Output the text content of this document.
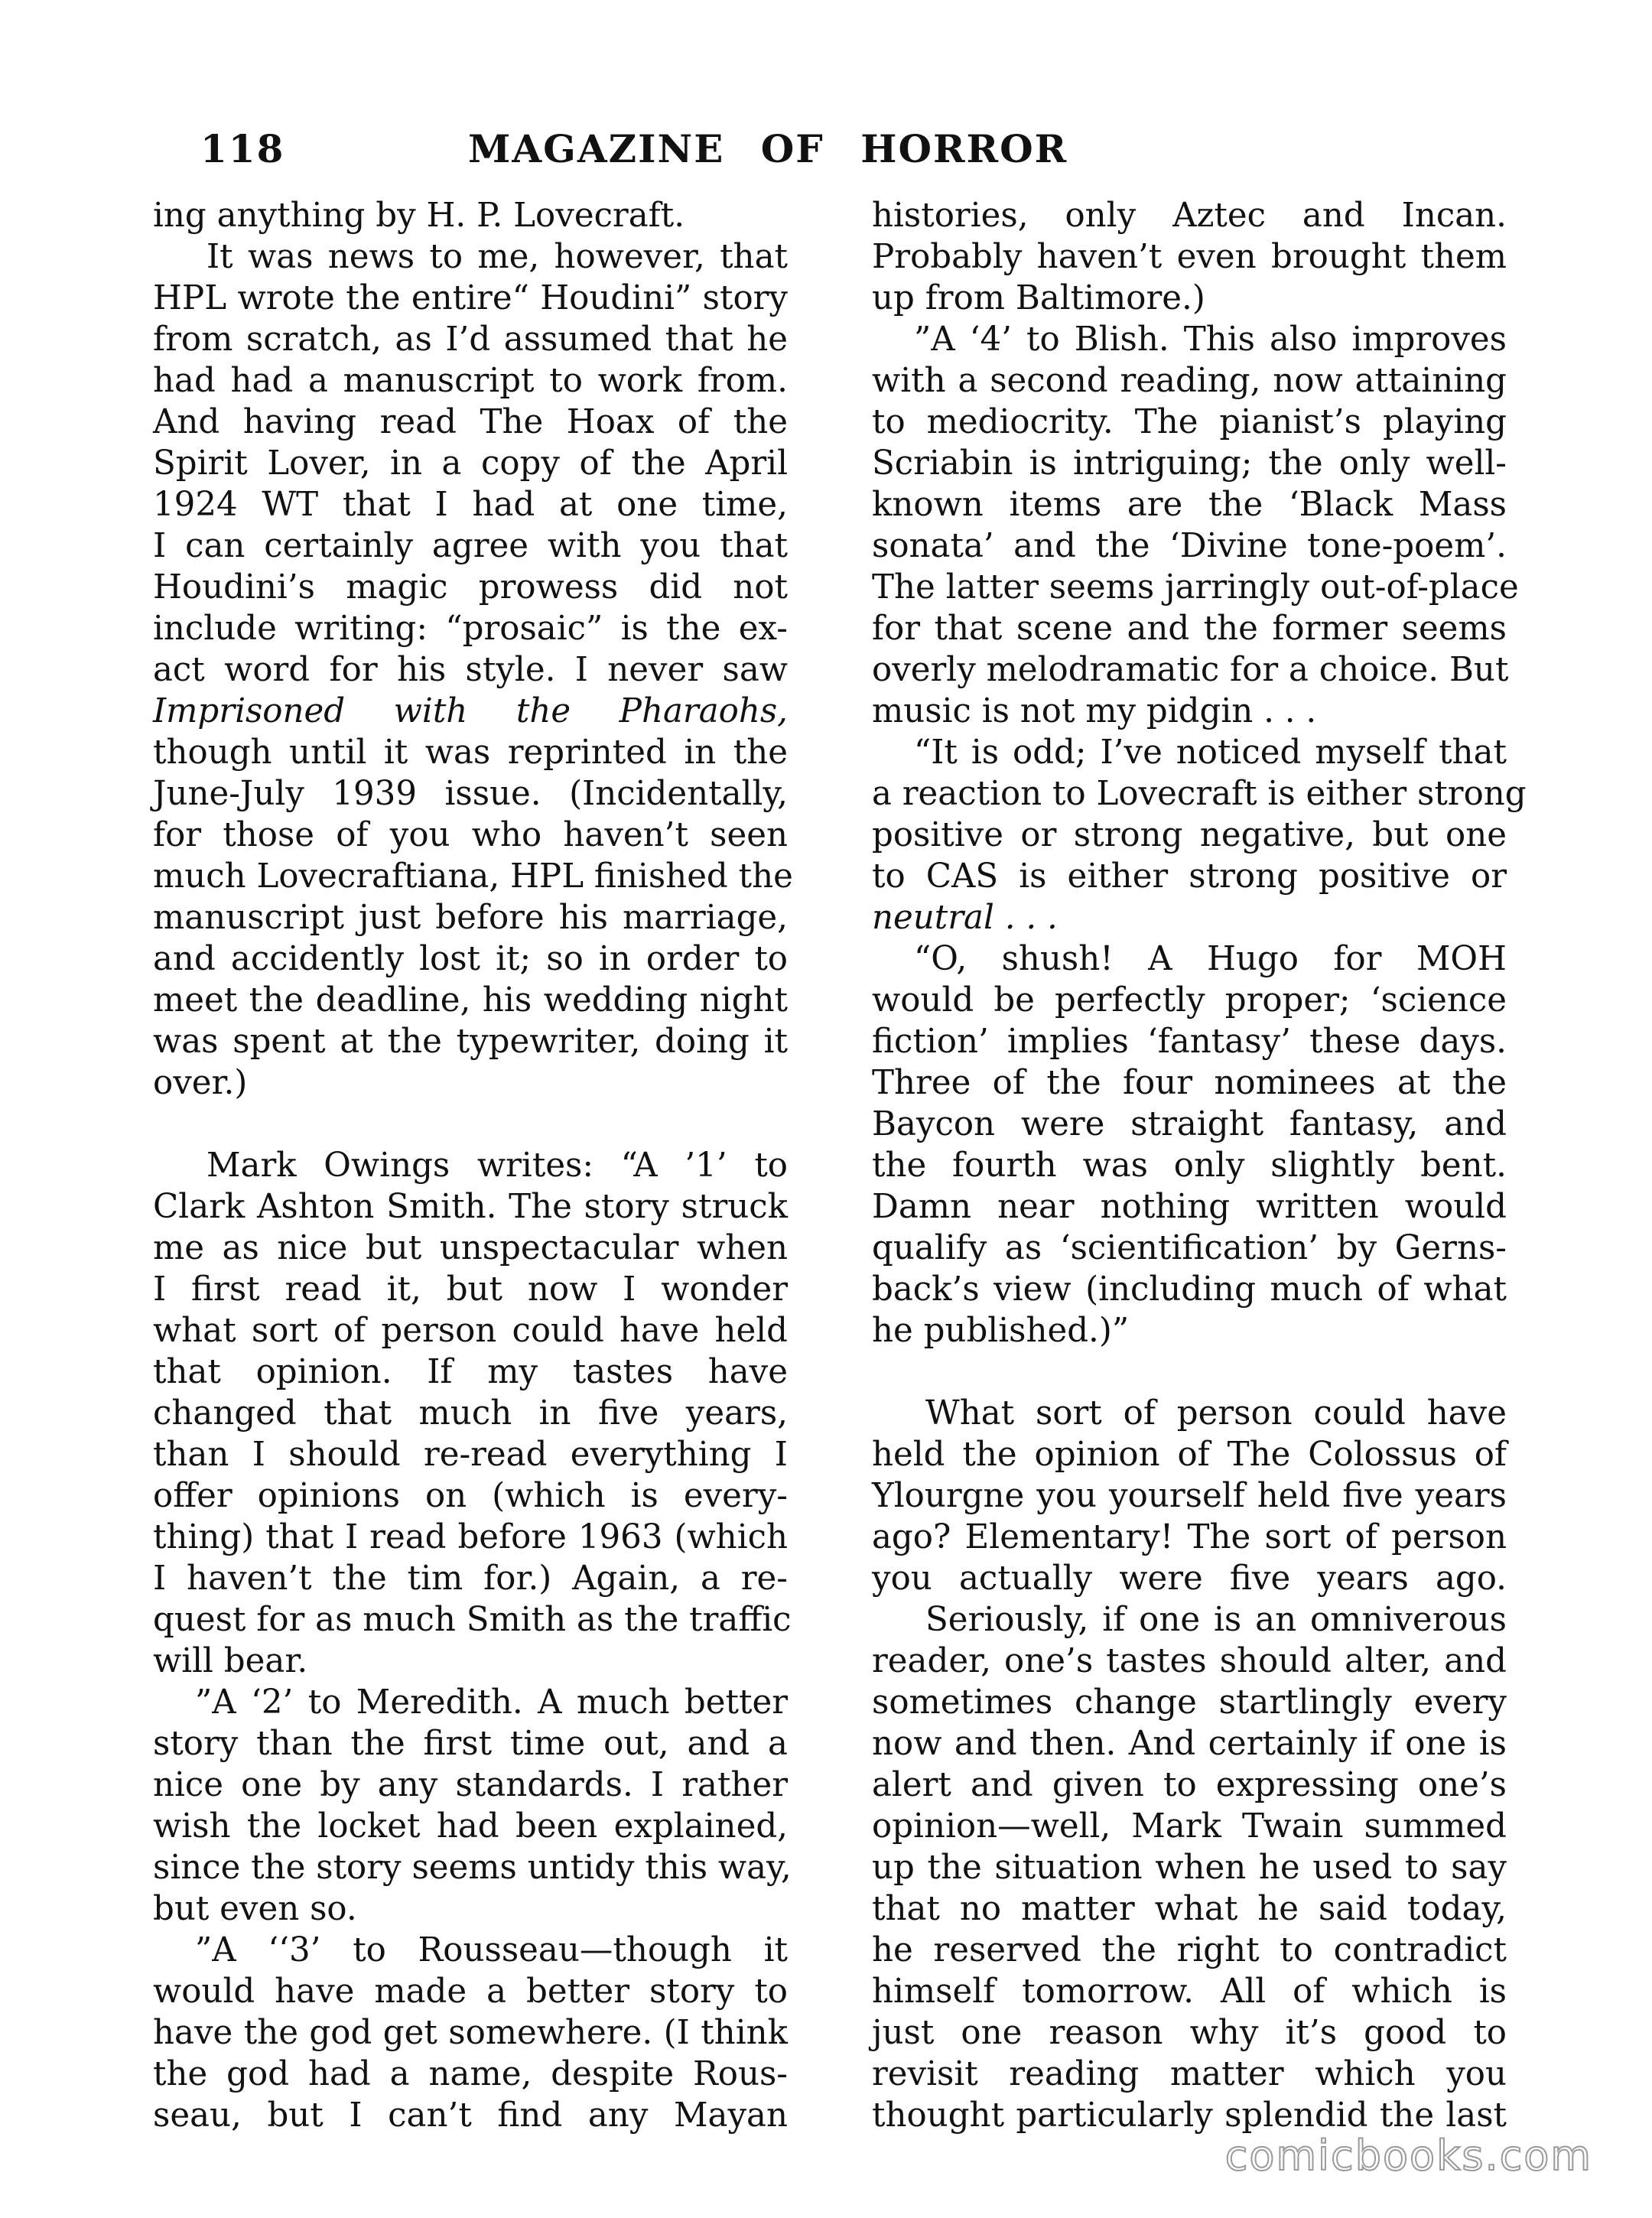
118	MAGAZINE OF HORROR
ing anything by H. P. Lovecraft.
It was news to me, however, that
HPL wrote the entire“ Houdini” story
from scratch, as I’d assumed that he
had had a manuscript to work from.
And having read The Hoax of the
Spirit Lover, in a copy of the April
1924 WT that I had at one time,
I can certainly agree with you that
Houdini’s magic prowess did not
include writing: “prosaic” is the ex-
act word for his style. I never saw
Imprisoned with the Pharaohs,
though until it was reprinted in the
June-July 1939 issue. (Incidentally,
for those of you who haven’t seen
much Lovecraftiana, HPL finished the
manuscript just before his marriage,
and accidently lost it; so in order to
meet the deadline, his wedding night
was spent at the typewriter, doing it
over.)
Mark Owings writes: “A ’1’ to
Clark Ashton Smith. The story struck
me as nice but unspectacular when
I first read it, but now I wonder
what sort of person could have held
that opinion. If my tastes have
changed that much in five years,
than I should re-read everything I
offer opinions on (which is every-
thing) that I read before 1963 (which
I haven’t the tim for.) Again, a re-
quest for as much Smith as the traffic
will bear.
”A ‘2’ to Meredith. A much better
story than the first time out, and a
nice one by any standards. I rather
wish the locket had been explained,
since the story seems untidy this way,
but even so.
”A ‘‘3’ to Rousseau—though it
would have made a better story to
have the god get somewhere. (I think
the god had a name, despite Rous-
seau, but I can’t find any Mayan
histories, only Aztec and Incan.
Probably haven’t even brought them
up from Baltimore.)
”A ‘4’ to Blish. This also improves
with a second reading, now attaining
to mediocrity. The pianist’s playing
Scriabin is intriguing; the only well-
known items are the ‘Black Mass
sonata’ and the ‘Divine tone-poem’.
The latter seems jarringly out-of-place
for that scene and the former seems
overly melodramatic for a choice. But
music is not my pidgin . . .
“It is odd; I’ve noticed myself that
a reaction to Lovecraft is either strong
positive or strong negative, but one
to CAS is either strong positive or
neutral . . .
“O, shush! A Hugo for MOH
would be perfectly proper; ‘science
fiction’ implies ‘fantasy’ these days.
Three of the four nominees at the
Baycon were straight fantasy, and
the fourth was only slightly bent.
Damn near nothing written would
qualify as ‘scientification’ by Gerns-
back’s view (including much of what
he published.)”
What sort of person could have
held the opinion of The Colossus of
Ylourgne you yourself held five years
ago? Elementary! The sort of person
you actually were five years ago.
Seriously, if one is an omniverous
reader, one’s tastes should alter, and
sometimes change startlingly every
now and then. And certainly if one is
alert and given to expressing one’s
opinion—well, Mark Twain summed
up the situation when he used to say
that no matter what he said today,
he reserved the right to contradict
himself tomorrow. All of which is
just one reason why it’s good to
revisit reading matter which you
thought particularly splendid the last
comicbooks.com
